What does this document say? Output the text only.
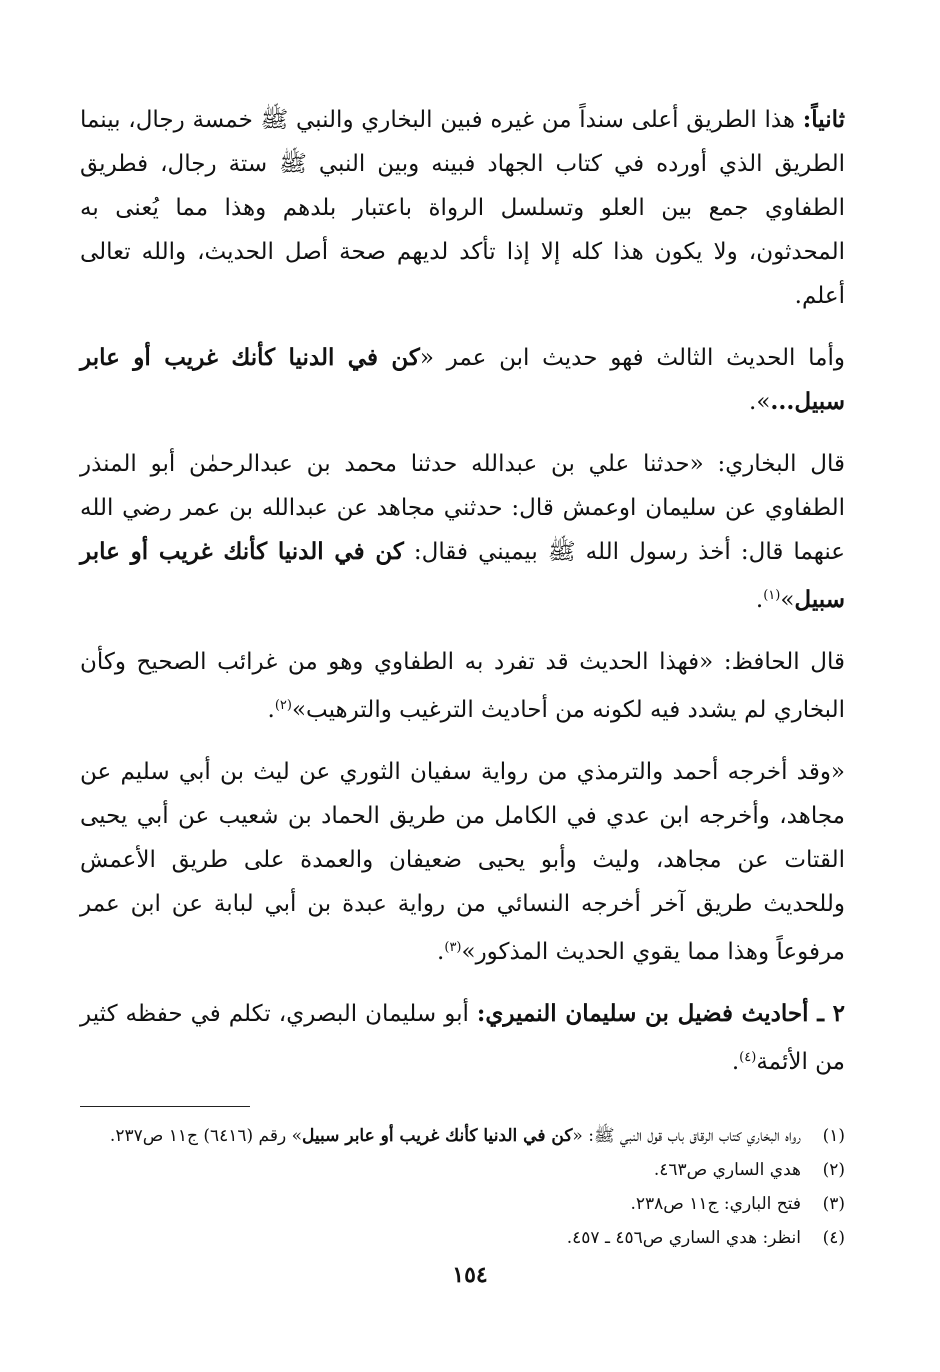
ثانياً: هذا الطريق أعلى سنداً من غيره فبين البخاري والنبي ﷺ خمسة رجال، بينما الطريق الذي أورده في كتاب الجهاد فبينه وبين النبي ﷺ ستة رجال، فطريق الطفاوي جمع بين العلو وتسلسل الرواة باعتبار بلدهم وهذا مما يُعنى به المحدثون، ولا يكون هذا كله إلا إذا تأكد لديهم صحة أصل الحديث، والله تعالى أعلم.

وأما الحديث الثالث فهو حديث ابن عمر «كن في الدنيا كأنك غريب أو عابر سبيل...».

قال البخاري: «حدثنا علي بن عبدالله حدثنا محمد بن عبدالرحمٰن أبو المنذر الطفاوي عن سليمان اوعمش قال: حدثني مجاهد عن عبدالله بن عمر رضي الله عنهما قال: أخذ رسول الله ﷺ بيميني فقال: كن في الدنيا كأنك غريب أو عابر سبيل»$^{(١)}$.

قال الحافظ: «فهذا الحديث قد تفرد به الطفاوي وهو من غرائب الصحيح وكأن البخاري لم يشدد فيه لكونه من أحاديث الترغيب والترهيب»$^{(٢)}$.

«وقد أخرجه أحمد والترمذي من رواية سفيان الثوري عن ليث بن أبي سليم عن مجاهد، وأخرجه ابن عدي في الكامل من طريق الحماد بن شعيب عن أبي يحيى القتات عن مجاهد، وليث وأبو يحيى ضعيفان والعمدة على طريق الأعمش وللحديث طريق آخر أخرجه النسائي من رواية عبدة بن أبي لبابة عن ابن عمر مرفوعاً وهذا مما يقوي الحديث المذكور»$^{(٣)}$.

٢ ـ أحاديث فضيل بن سليمان النميري: أبو سليمان البصري، تكلم في حفظه كثير من الأئمة$^{(٤)}$.

(١)
رواه البخاري كتاب الرقاق باب قول النبي ﷺ: «كن في الدنيا كأنك غريب أو عابر سبيل» رقم (٦٤١٦) ج١١ ص٢٣٧.
(٢)
هدي الساري ص٤٦٣.
(٣)
فتح الباري: ج١١ ص٢٣٨.
(٤)
انظر: هدي الساري ص٤٥٦ ـ ٤٥٧.
١٥٤
